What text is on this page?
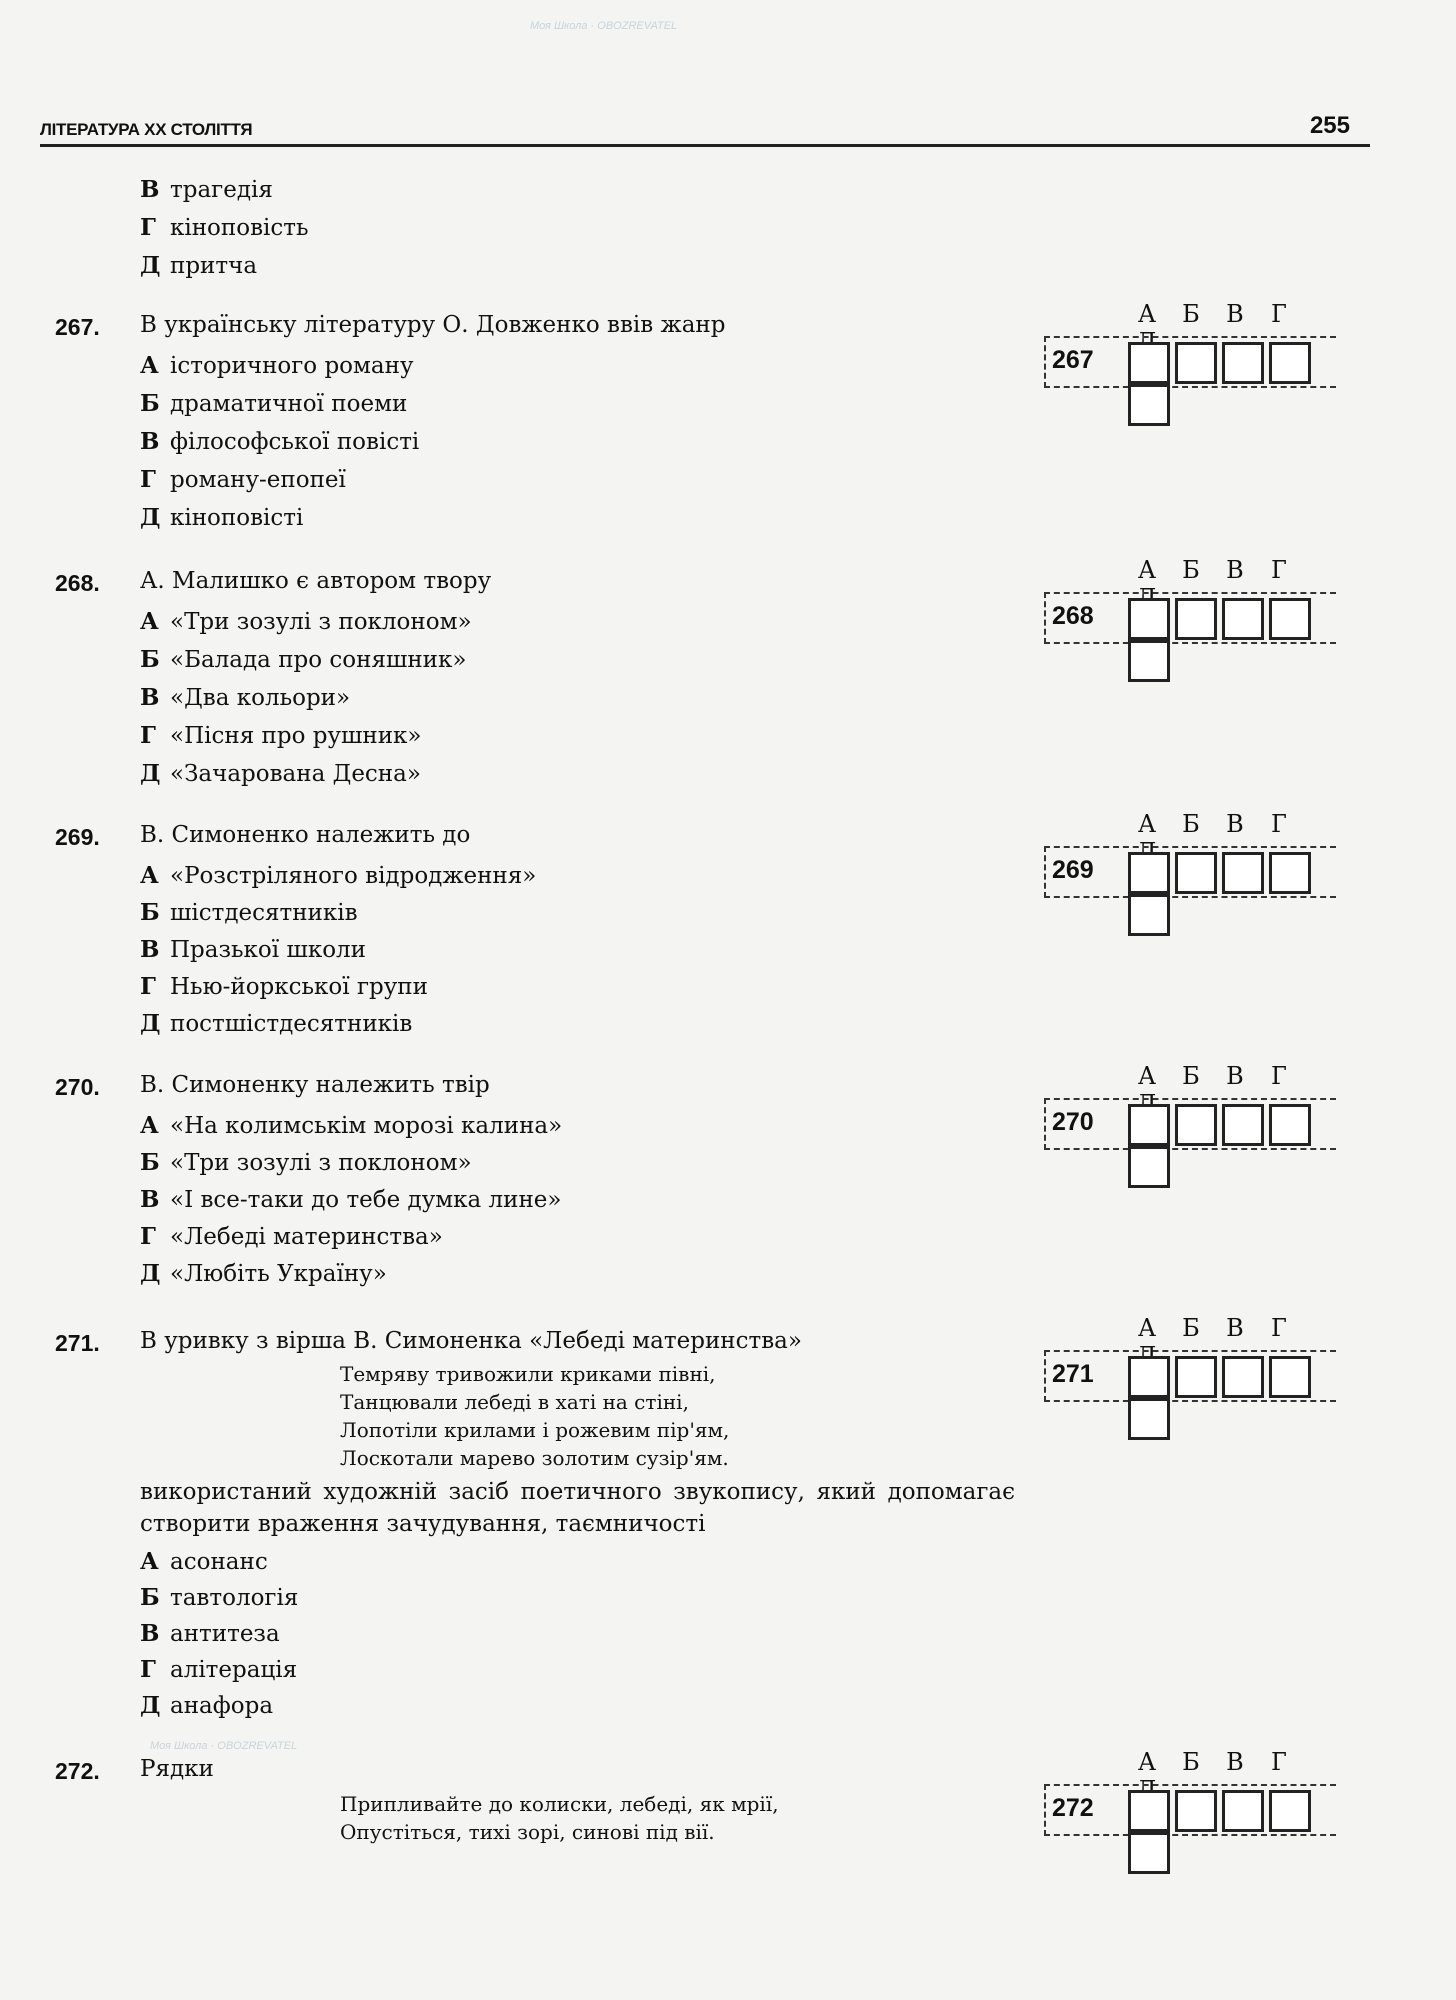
Моя Школа · OBOZREVATEL
Моя Школа · OBOZREVATEL
ЛІТЕРАТУРА ХХ СТОЛІТТЯ	255
В трагедія
Г кіноповість
Д притча
267. В українську літературу О. Довженко ввів жанр
А історичного роману
Б драматичної поеми
В філософської повісті
Г роману-епопеї
Д кіноповісті
А Б В Г
267
268. А. Малишко є автором твору
А «Три зозулі з поклоном»
Б «Балада про соняшник»
В «Два кольори»
Г «Пісня про рушник»
Д «Зачарована Десна»
А Б В Г
268
269. В. Симоненко належить до
А «Розстріляного відродження»
Б шістдесятників
В Празької школи
Г Нью-йоркської групи
Д постшістдесятників
А Б В Г
269
270. В. Симоненку належить твір
А «На колимськім морозі калина»
Б «Три зозулі з поклоном»
В «І все-таки до тебе думка лине»
Г «Лебеді материнства»
Д «Любіть Україну»
А Б В Г
270
271. В уривку з вірша В. Симоненка «Лебеді материнства»
Темряву тривожили криками півні,
Танцювали лебеді в хаті на стіні,
Лопотіли крилами і рожевим пір'ям,
Лоскотали марево золотим сузір'ям.
використаний художній засіб поетичного звукопису, який допомагає створити враження зачудування, таємничості
А асонанс
Б тавтологія
В антитеза
Г алітерація
Д анафора
А Б В Г
271
272. Рядки
Припливайте до колиски, лебеді, як мрії,
Опустіться, тихі зорі, синові під вії.
А Б В Г
272
